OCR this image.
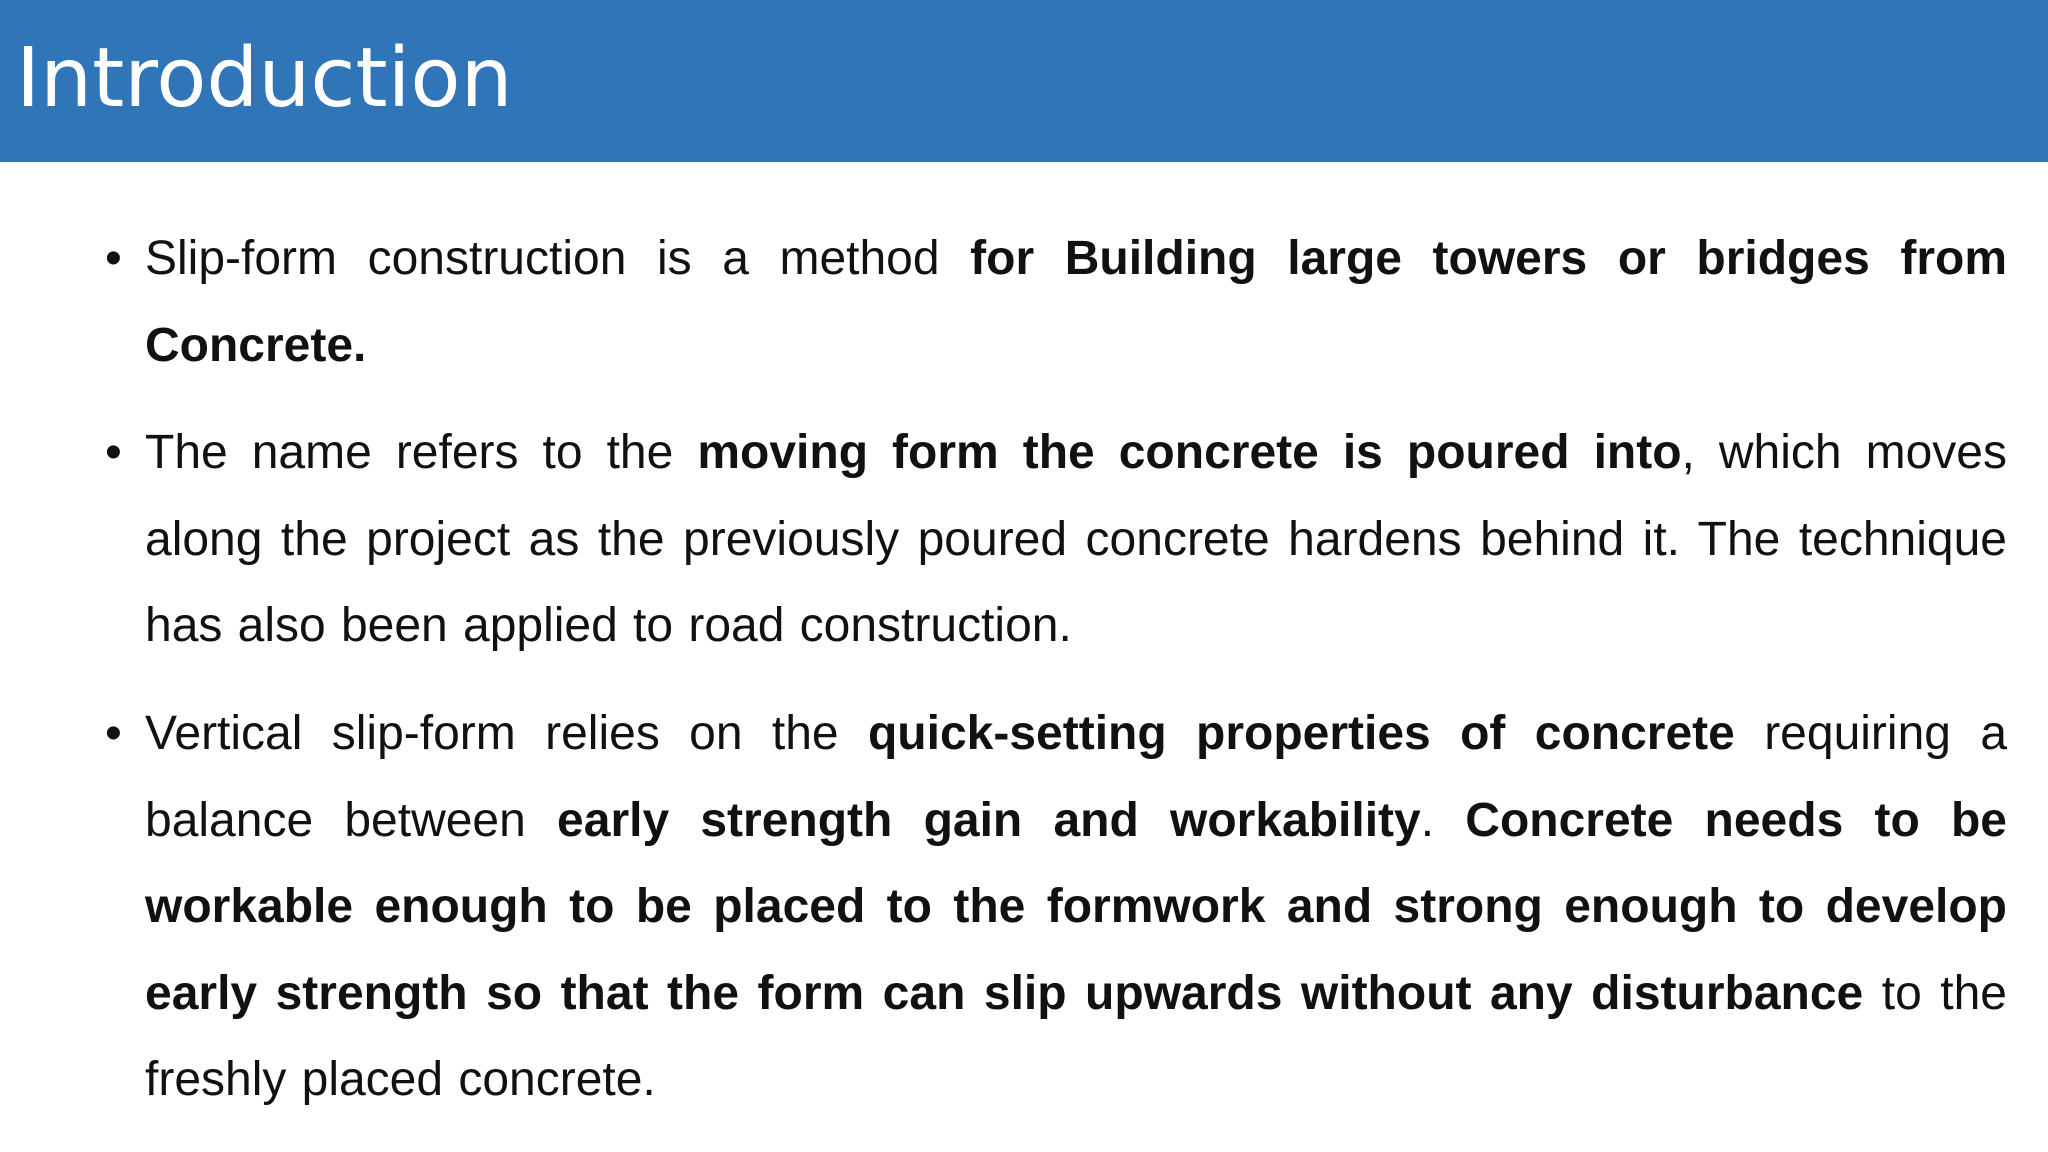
Introduction
• Slip-form construction is a method for Building large towers or bridges from Concrete.
• The name refers to the moving form the concrete is poured into, which moves along the project as the previously poured concrete hardens behind it. The technique has also been applied to road construction.
• Vertical slip-form relies on the quick-setting properties of concrete requiring a balance between early strength gain and workability. Concrete needs to be workable enough to be placed to the formwork and strong enough to develop early strength so that the form can slip upwards without any disturbance to the freshly placed concrete.
